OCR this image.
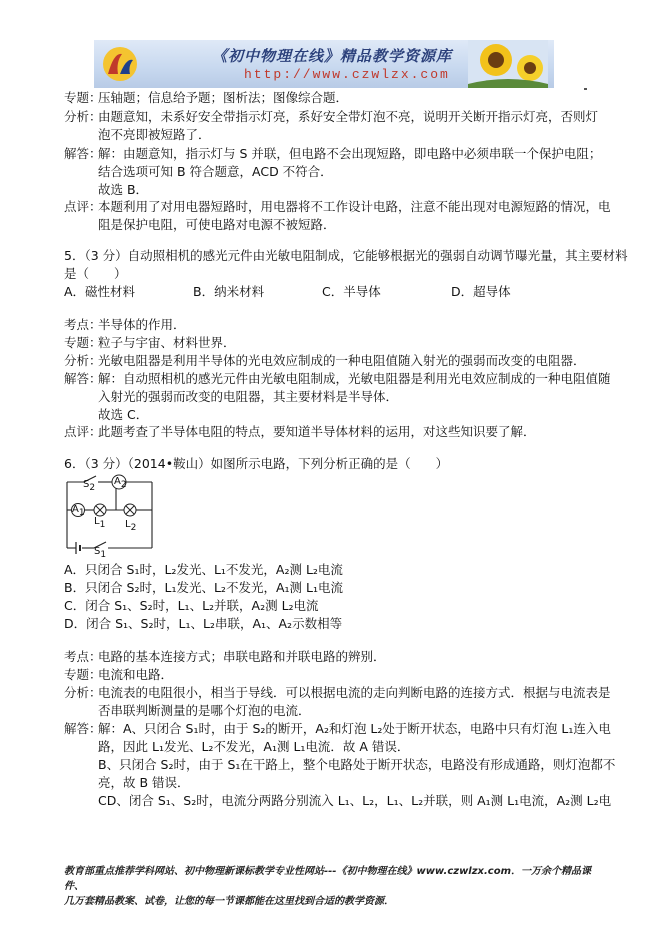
《初中物理在线》精品教学资源库
http://www.czwlzx.com
专题：
压轴题；信息给予题；图析法；图像综合题．
分析：
由题意知，未系好安全带指示灯亮，系好安全带灯泡不亮，说明开关断开指示灯亮，否则灯
泡不亮即被短路了．
解答：
解：由题意知，指示灯与 S 并联，但电路不会出现短路，即电路中必须串联一个保护电阻；
结合选项可知 B 符合题意，ACD 不符合．
故选 B．
点评：
本题利用了对用电器短路时，用电器将不工作设计电路，注意不能出现对电源短路的情况，电
阻是保护电阻，可使电路对电源不被短路．
5．（3 分）自动照相机的感光元件由光敏电阻制成，它能够根据光的强弱自动调节曝光量，其主要材料
是（　　）
A．磁性材料	B．纳米材料	C．半导体	D．超导体
考点：
半导体的作用．
专题：
粒子与宇宙、材料世界．
分析：
光敏电阻器是利用半导体的光电效应制成的一种电阻值随入射光的强弱而改变的电阻器．
解答：
解：自动照相机的感光元件由光敏电阻制成，光敏电阻器是利用光电效应制成的一种电阻值随
入射光的强弱而改变的电阻器，其主要材料是半导体．
故选 C．
点评：
此题考查了半导体电阻的特点，要知道半导体材料的运用，对这些知识要了解．
6．（3 分）（2014•鞍山）如图所示电路，下列分析正确的是（　　）
$S_2$
$A_2$
$A_1$
$L_1$ $L_2$
$S_1$
A．只闭合 S₁时，L₂发光、L₁不发光，A₂测 L₂电流
B．只闭合 S₂时，L₁发光、L₂不发光，A₁测 L₁电流
C．闭合 S₁、S₂时，L₁、L₂并联，A₂测 L₂电流
D．闭合 S₁、S₂时，L₁、L₂串联，A₁、A₂示数相等
考点：
电路的基本连接方式；串联电路和并联电路的辨别．
专题：
电流和电路．
分析：
电流表的电阻很小，相当于导线．可以根据电流的走向判断电路的连接方式．根据与电流表是
否串联判断测量的是哪个灯泡的电流．
解答：
解：A、只闭合 S₁时，由于 S₂的断开，A₂和灯泡 L₂处于断开状态，电路中只有灯泡 L₁连入电
路，因此 L₁发光、L₂不发光，A₁测 L₁电流．故 A 错误．
B、只闭合 S₂时，由于 S₁在干路上，整个电路处于断开状态，电路没有形成通路，则灯泡都不
亮，故 B 错误．
CD、闭合 S₁、S₂时，电流分两路分别流入 L₁、L₂，L₁、L₂并联，则 A₁测 L₁电流，A₂测 L₂电
教育部重点推荐学科网站、初中物理新课标教学专业性网站---《初中物理在线》www.czwlzx.com．一万余个精品课件、
几万套精品教案、试卷，让您的每一节课都能在这里找到合适的教学资源．
